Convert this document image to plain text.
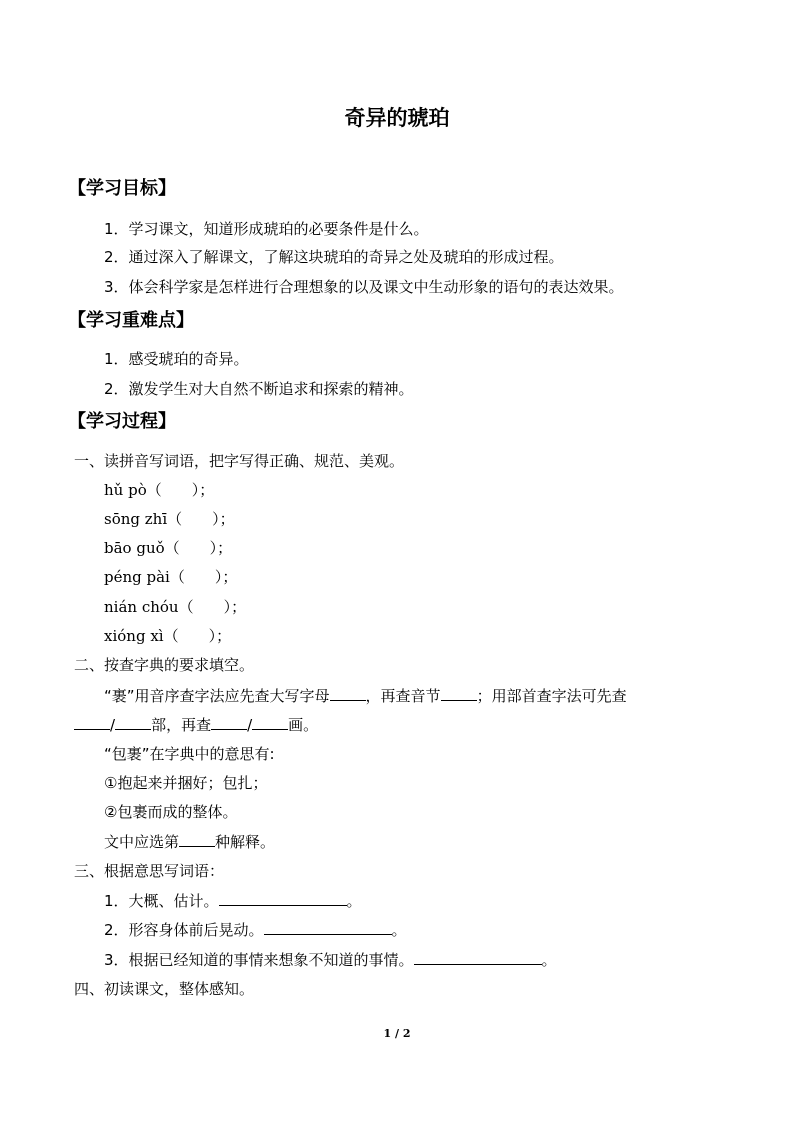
奇异的琥珀
【学习目标】
1．学习课文，知道形成琥珀的必要条件是什么。
2．通过深入了解课文，了解这块琥珀的奇异之处及琥珀的形成过程。
3．体会科学家是怎样进行合理想象的以及课文中生动形象的语句的表达效果。
【学习重难点】
1．感受琥珀的奇异。
2．激发学生对大自然不断追求和探索的精神。
【学习过程】
一、读拼音写词语，把字写得正确、规范、美观。
hǔ pò（　　）；
sōng zhī（　　）；
bāo guǒ（　　）；
péng pài（　　）；
nián chóu（　　）；
xióng xì（　　）；
二、按查字典的要求填空。
“裹”用音序查字法应先查大写字母 ，再查音节 ；用部首查字法可先查
/ 部，再查 / 画。
“包裹”在字典中的意思有:
①抱起来并捆好；包扎；
②包裹而成的整体。
文中应选第 种解释。
三、根据意思写词语：
1．大概、估计。	。
2．形容身体前后晃动。	。
3．根据已经知道的事情来想象不知道的事情。	。
四、初读课文，整体感知。
1 / 2
